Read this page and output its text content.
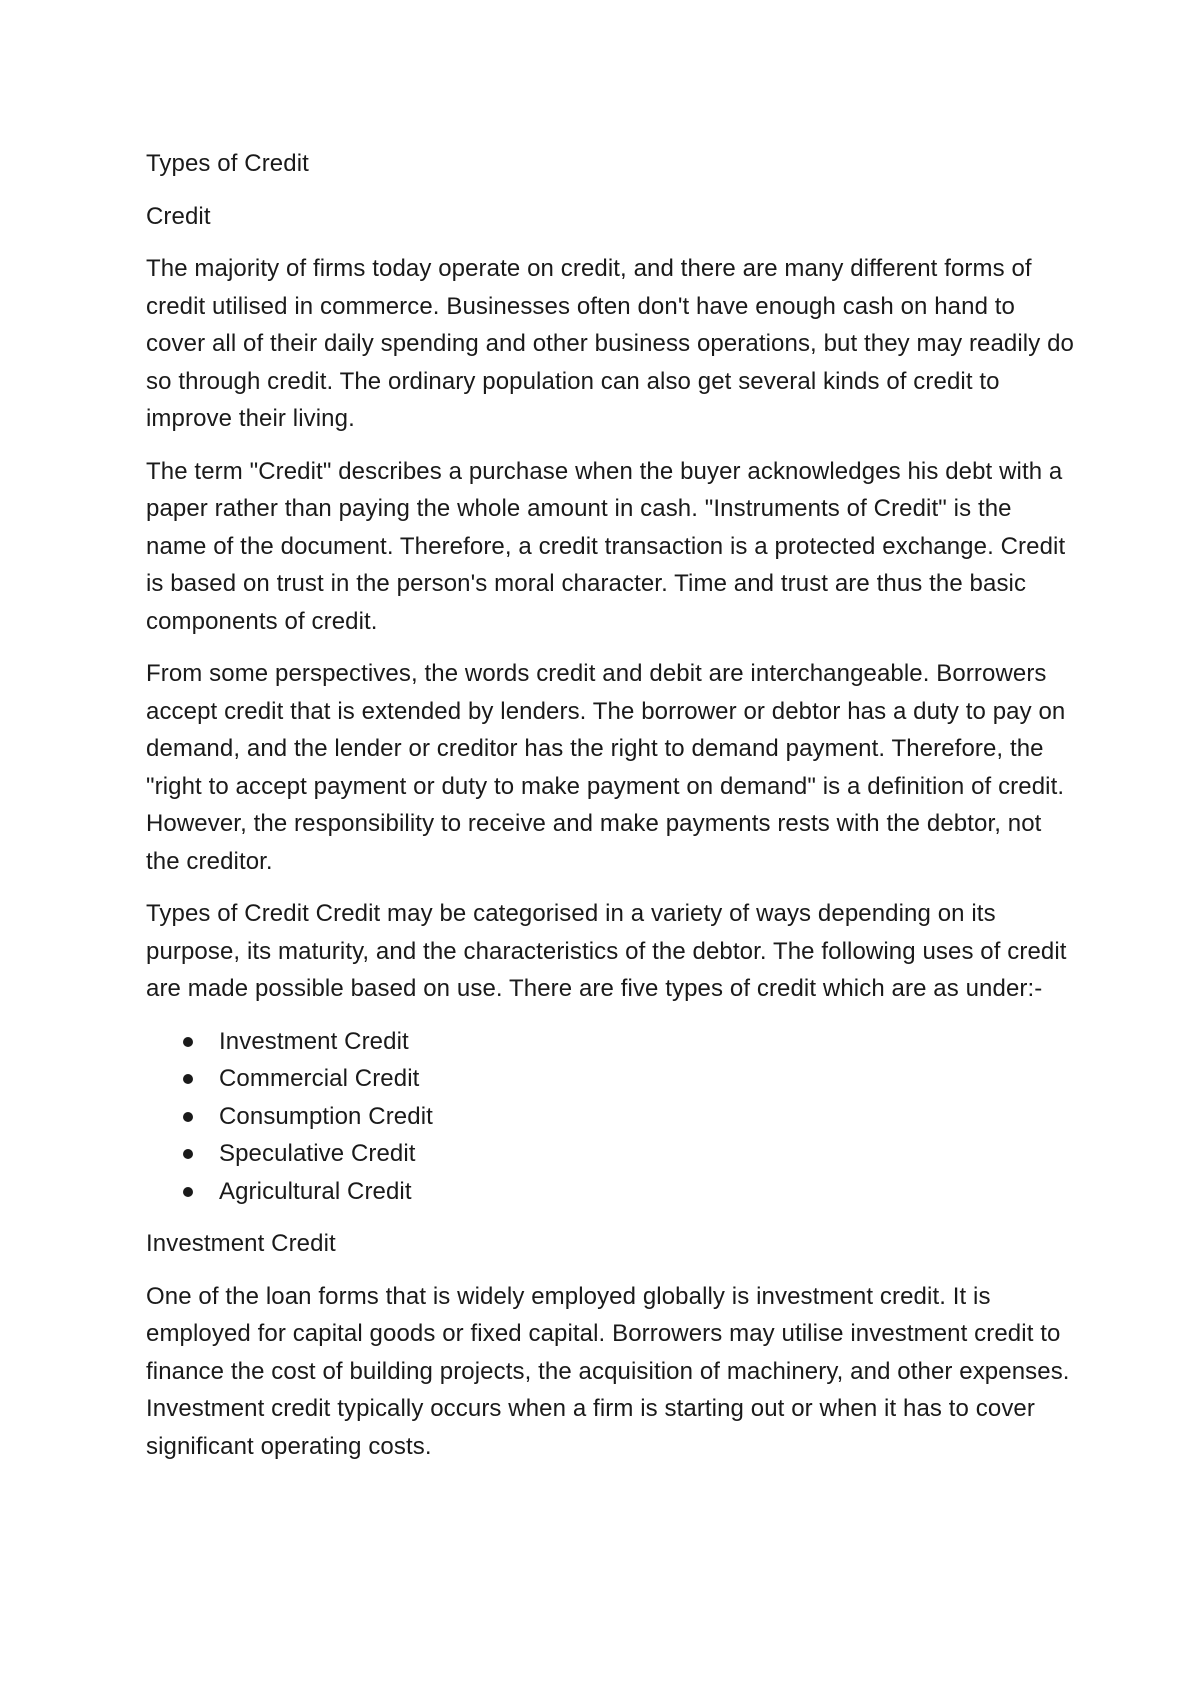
Types of Credit

Credit

The majority of firms today operate on credit, and there are many different forms of credit utilised in commerce. Businesses often don't have enough cash on hand to cover all of their daily spending and other business operations, but they may readily do so through credit. The ordinary population can also get several kinds of credit to improve their living.

The term "Credit" describes a purchase when the buyer acknowledges his debt with a paper rather than paying the whole amount in cash. "Instruments of Credit" is the name of the document. Therefore, a credit transaction is a protected exchange. Credit is based on trust in the person's moral character. Time and trust are thus the basic components of credit.

From some perspectives, the words credit and debit are interchangeable. Borrowers accept credit that is extended by lenders. The borrower or debtor has a duty to pay on demand, and the lender or creditor has the right to demand payment. Therefore, the "right to accept payment or duty to make payment on demand" is a definition of credit. However, the responsibility to receive and make payments rests with the debtor, not the creditor.

Types of Credit Credit may be categorised in a variety of ways depending on its purpose, its maturity, and the characteristics of the debtor. The following uses of credit are made possible based on use. There are five types of credit which are as under:-

Investment Credit
Commercial Credit
Consumption Credit
Speculative Credit
Agricultural Credit

Investment Credit

One of the loan forms that is widely employed globally is investment credit. It is employed for capital goods or fixed capital. Borrowers may utilise investment credit to finance the cost of building projects, the acquisition of machinery, and other expenses. Investment credit typically occurs when a firm is starting out or when it has to cover significant operating costs.
